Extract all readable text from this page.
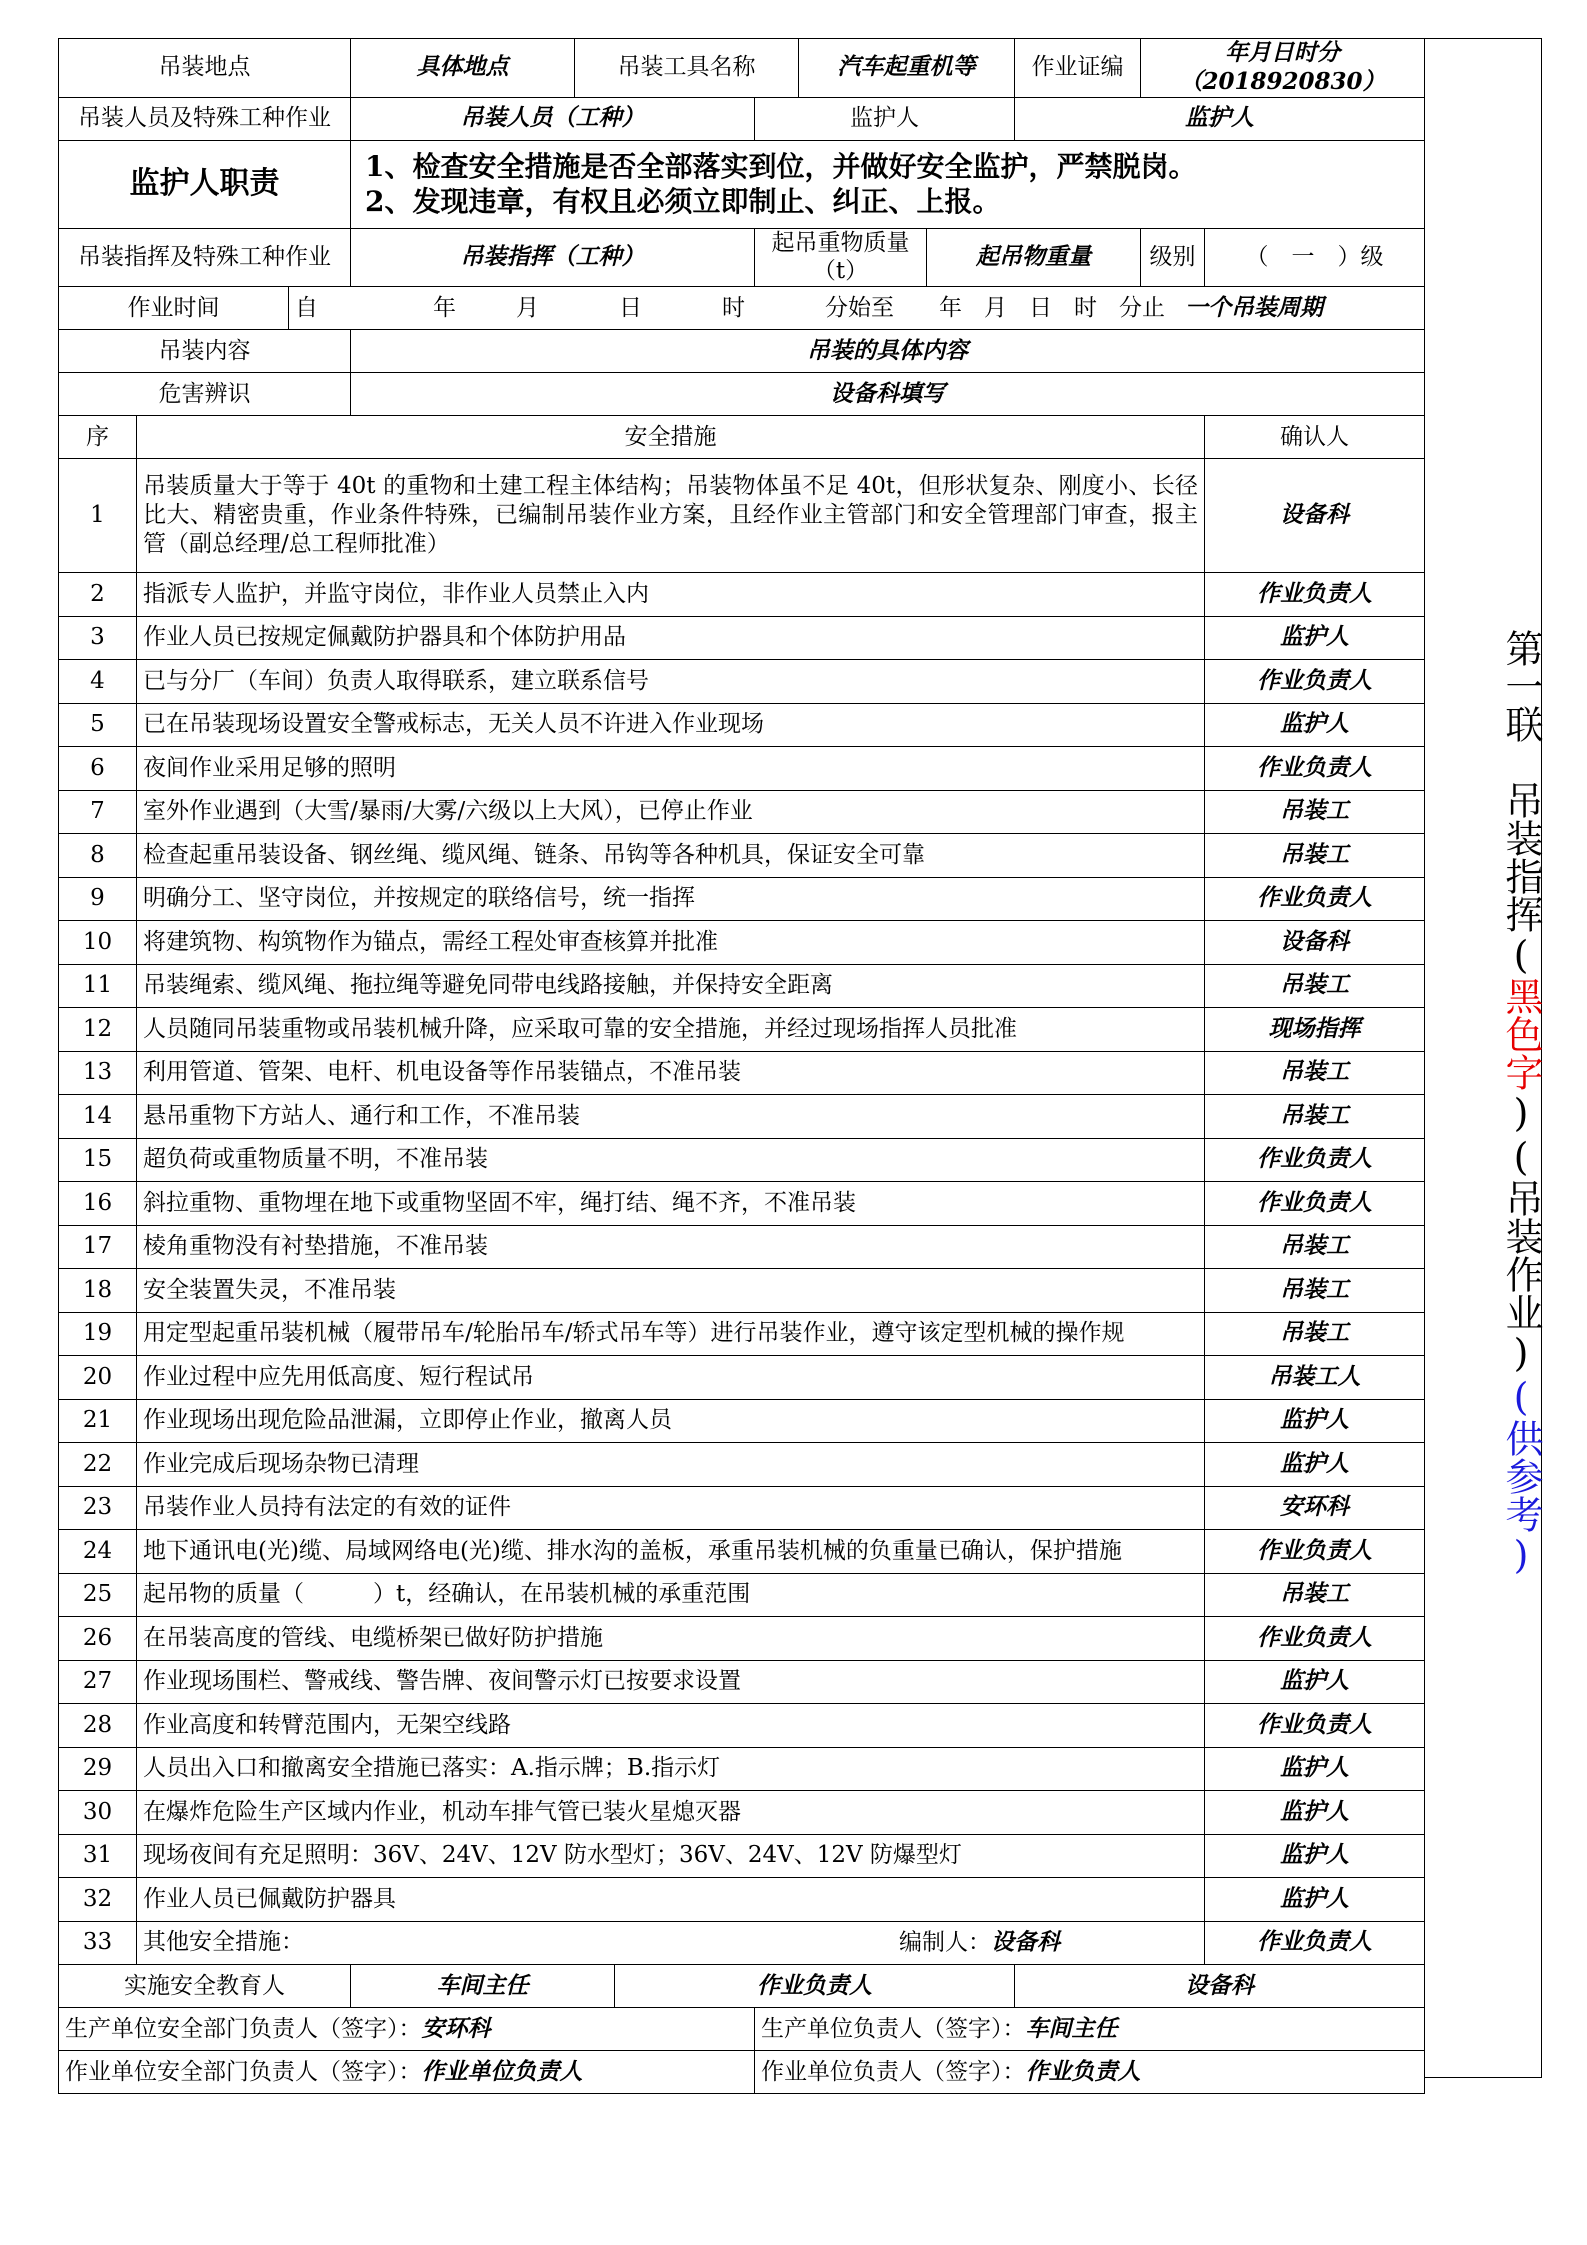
吊装地点			具体地点	吊装工具名称			汽车起重机等		作业证编	年月日时分（2018920830）	
吊装人员及特殊工种作业			吊装人员（工种）			监护人			监护人		
监护人职责			1、检查安全措施是否全部落实到位，并做好安全监护，严禁脱岗。
2、发现违章，有权且必须立即制止、纠正、上报。								

吊装指挥及特殊工种作业			吊装指挥（工种）			起吊重物质量（t）		起吊物重量		级别	（　一　）级
作业时间		自 年 月 日 时 分始至 年 月 日 时 分止 一个吊装周期									
吊装内容			吊装的具体内容								
危害辨识			设备科填写								
序	安全措施										确认人
1	吊装质量大于等于 40t 的重物和土建工程主体结构；吊装物体虽不足 40t，但形状复杂、刚度小、长径比大、精密贵重，作业条件特殊，已编制吊装作业方案，且经作业主管部门和安全管理部门审查，报主管（副总经理/总工程师批准）										设备科
2	指派专人监护，并监守岗位，非作业人员禁止入内										作业负责人
3	作业人员已按规定佩戴防护器具和个体防护用品										监护人
4	已与分厂（车间）负责人取得联系，建立联系信号										作业负责人
5	已在吊装现场设置安全警戒标志，无关人员不许进入作业现场										监护人
6	夜间作业采用足够的照明										作业负责人
7	室外作业遇到（大雪/暴雨/大雾/六级以上大风），已停止作业										吊装工
8	检查起重吊装设备、钢丝绳、缆风绳、链条、吊钩等各种机具，保证安全可靠										吊装工
9	明确分工、坚守岗位，并按规定的联络信号，统一指挥										作业负责人
10	将建筑物、构筑物作为锚点，需经工程处审查核算并批准										设备科
11	吊装绳索、缆风绳、拖拉绳等避免同带电线路接触，并保持安全距离										吊装工
12	人员随同吊装重物或吊装机械升降，应采取可靠的安全措施，并经过现场指挥人员批准										现场指挥
13	利用管道、管架、电杆、机电设备等作吊装锚点，不准吊装										吊装工
14	悬吊重物下方站人、通行和工作，不准吊装										吊装工
15	超负荷或重物质量不明，不准吊装										作业负责人
16	斜拉重物、重物埋在地下或重物坚固不牢，绳打结、绳不齐，不准吊装										作业负责人
17	棱角重物没有衬垫措施，不准吊装										吊装工
18	安全装置失灵，不准吊装										吊装工
19	用定型起重吊装机械（履带吊车/轮胎吊车/轿式吊车等）进行吊装作业，遵守该定型机械的操作规										吊装工
20	作业过程中应先用低高度、短行程试吊										吊装工人
21	作业现场出现危险品泄漏，立即停止作业，撤离人员										监护人
22	作业完成后现场杂物已清理										监护人
23	吊装作业人员持有法定的有效的证件										安环科
24	地下通讯电(光)缆、局域网络电(光)缆、排水沟的盖板，承重吊装机械的负重量已确认，保护措施										作业负责人
25	起吊物的质量（　　　）t，经确认，在吊装机械的承重范围										吊装工
26	在吊装高度的管线、电缆桥架已做好防护措施										作业负责人
27	作业现场围栏、警戒线、警告牌、夜间警示灯已按要求设置										监护人
28	作业高度和转臂范围内，无架空线路										作业负责人
29	人员出入口和撤离安全措施已落实：A.指示牌；B.指示灯										监护人
30	在爆炸危险生产区域内作业，机动车排气管已装火星熄灭器										监护人
31	现场夜间有充足照明：36V、24V、12V 防水型灯；36V、24V、12V 防爆型灯										监护人
32	作业人员已佩戴防护器具										监护人
33	其他安全措施： 编制人：设备科										作业负责人
实施安全教育人			车间主任		作业负责人				设备科		
生产单位安全部门负责人（签字）：安环科						生产单位负责人（签字）：车间主任					
作业单位安全部门负责人（签字）：作业单位负责人						作业单位负责人（签字）：作业负责人					
第一联　吊装指挥(黑色字)(吊装作业)(供参考)
